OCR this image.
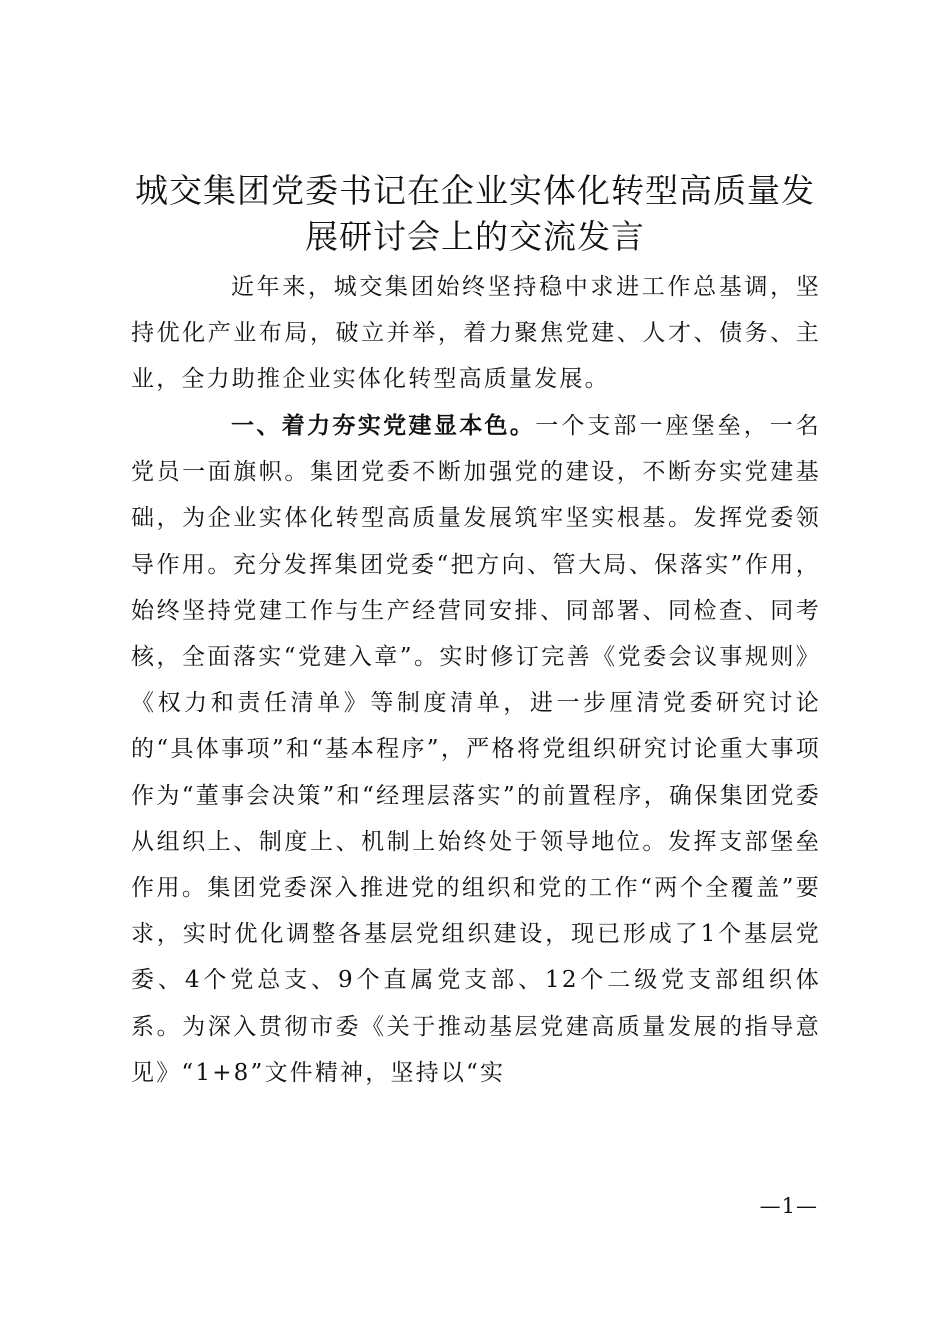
城交集团党委书记在企业实体化转型高质量发展研讨会上的交流发言

近年来，城交集团始终坚持稳中求进工作总基调，坚持优化产业布局，破立并举，着力聚焦党建、人才、债务、主业，全力助推企业实体化转型高质量发展。

一、着力夯实党建显本色。一个支部一座堡垒，一名党员一面旗帜。集团党委不断加强党的建设，不断夯实党建基础，为企业实体化转型高质量发展筑牢坚实根基。发挥党委领导作用。充分发挥集团党委“把方向、管大局、保落实”作用，始终坚持党建工作与生产经营同安排、同部署、同检查、同考核，全面落实“党建入章”。实时修订完善《党委会议事规则》《权力和责任清单》等制度清单，进一步厘清党委研究讨论的“具体事项”和“基本程序”，严格将党组织研究讨论重大事项作为“董事会决策”和“经理层落实”的前置程序，确保集团党委从组织上、制度上、机制上始终处于领导地位。发挥支部堡垒作用。集团党委深入推进党的组织和党的工作“两个全覆盖”要求，实时优化调整各基层党组织建设，现已形成了1个基层党委、4个党总支、9个直属党支部、12个二级党支部组织体系。为深入贯彻市委《关于推动基层党建高质量发展的指导意见》“1+8”文件精神，坚持以“实

—1—
